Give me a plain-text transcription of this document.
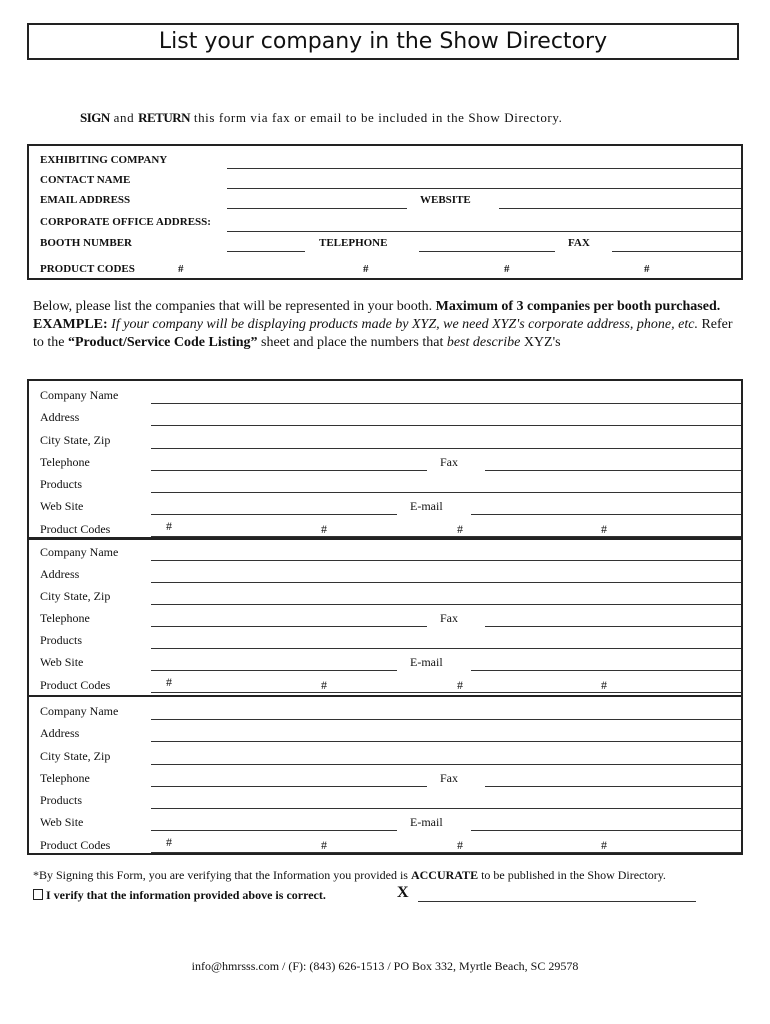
List your company in the Show Directory
SIGN and RETURN this form via fax or email to be included in the Show Directory.
EXHIBITING COMPANY
CONTACT NAME
EMAIL ADDRESS	WEBSITE
CORPORATE OFFICE ADDRESS:
BOOTH NUMBER	TELEPHONE	FAX
PRODUCT CODES	#	#	#	#
Below, please list the companies that will be represented in your booth. Maximum of 3 companies per booth purchased. EXAMPLE: If your company will be displaying products made by XYZ, we need XYZ's corporate address, phone, etc. Refer to the “Product/Service Code Listing” sheet and place the numbers that best describe XYZ's
Company Name
Address
City State, Zip
Telephone	Fax
Products
Web Site	E-mail
Product Codes	#	#	#	#
Company Name
Address
City State, Zip
Telephone	Fax
Products
Web Site	E-mail
Product Codes	#	#	#	#
Company Name
Address
City State, Zip
Telephone	Fax
Products
Web Site	E-mail
Product Codes	#	#	#	#
*By Signing this Form, you are verifying that the Information you provided is ACCURATE to be published in the Show Directory.
I verify that the information provided above is correct.	X
info@hmrsss.com / (F): (843) 626-1513 / PO Box 332, Myrtle Beach, SC 29578
